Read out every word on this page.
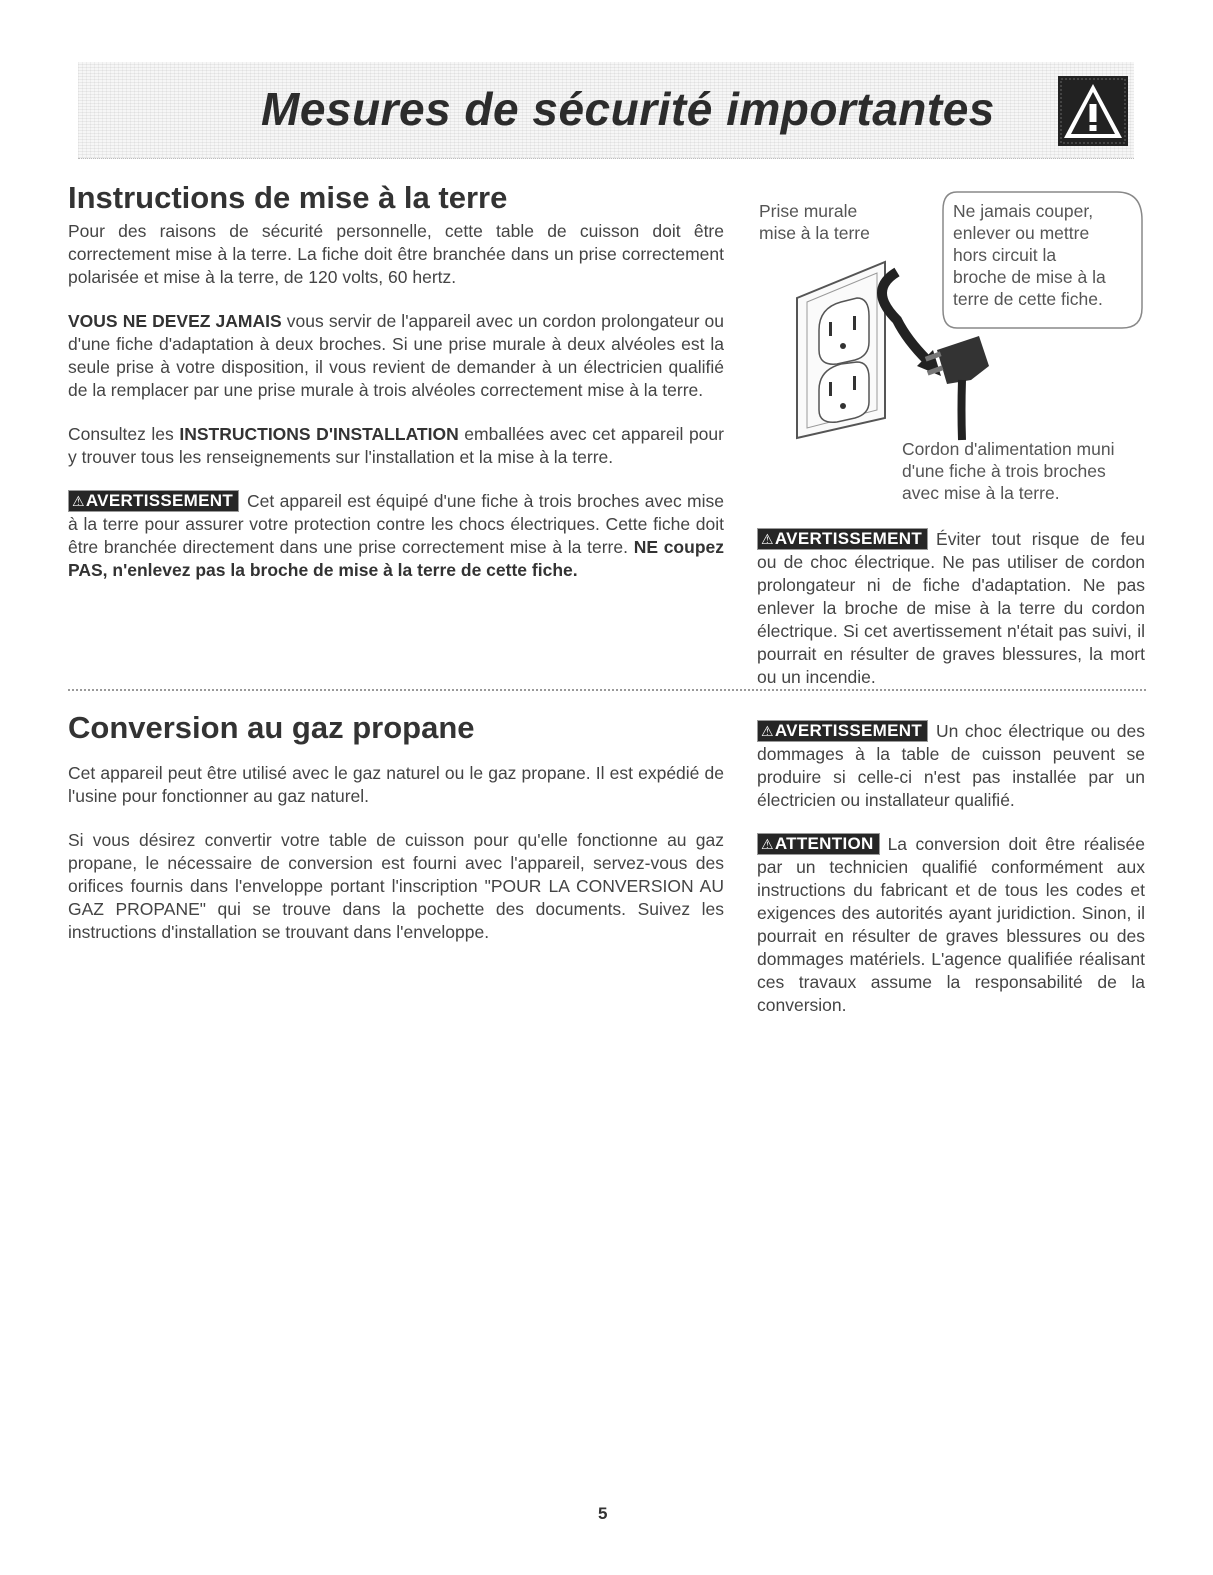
Mesures de sécurité importantes
Instructions de mise à la terre

Pour des raisons de sécurité personnelle, cette table de cuisson doit être correctement mise à la terre. La fiche doit être branchée dans un prise correctement polarisée et mise à la terre, de 120 volts, 60 hertz.

VOUS NE DEVEZ JAMAIS vous servir de l'appareil avec un cordon prolongateur ou d'une fiche d'adaptation à deux broches. Si une prise murale à deux alvéoles est la seule prise à votre disposition, il vous revient de demander à un électricien qualifié de la remplacer par une prise murale à trois alvéoles correctement mise à la terre.

Consultez les INSTRUCTIONS D'INSTALLATION emballées avec cet appareil pour y trouver tous les renseignements sur l'installation et la mise à la terre.

⚠AVERTISSEMENT Cet appareil est équipé d'une fiche à trois broches avec mise à la terre pour assurer votre protection contre les chocs électriques. Cette fiche doit être branchée directement dans une prise correctement mise à la terre. NE coupez PAS, n'enlevez pas la broche de mise à la terre de cette fiche.

Prise murale
mise à la terre

Ne jamais couper,
enlever ou mettre
hors circuit la
broche de mise à la
terre de cette fiche.

Cordon d'alimentation muni
d'une fiche à trois broches
avec mise à la terre.

⚠AVERTISSEMENT Éviter tout risque de feu ou de choc électrique. Ne pas utiliser de cordon prolongateur ni de fiche d'adaptation. Ne pas enlever la broche de mise à la terre du cordon électrique. Si cet avertissement n'était pas suivi, il pourrait en résulter de graves blessures, la mort ou un incendie.

Conversion au gaz propane

Cet appareil peut être utilisé avec le gaz naturel ou le gaz propane. Il est expédié de l'usine pour fonctionner au gaz naturel.

Si vous désirez convertir votre table de cuisson pour qu'elle fonctionne au gaz propane, le nécessaire de conversion est fourni avec l'appareil, servez-vous des orifices fournis dans l'enveloppe portant l'inscription "POUR LA CONVERSION AU GAZ PROPANE" qui se trouve dans la pochette des documents. Suivez les instructions d'installation se trouvant dans l'enveloppe.

⚠AVERTISSEMENT Un choc électrique ou des dommages à la table de cuisson peuvent se produire si celle-ci n'est pas installée par un électricien ou installateur qualifié.

⚠ATTENTION La conversion doit être réalisée par un technicien qualifié conformément aux instructions du fabricant et de tous les codes et exigences des autorités ayant juridiction. Sinon, il pourrait en résulter de graves blessures ou des dommages matériels. L'agence qualifiée réalisant ces travaux assume la responsabilité de la conversion.

5
